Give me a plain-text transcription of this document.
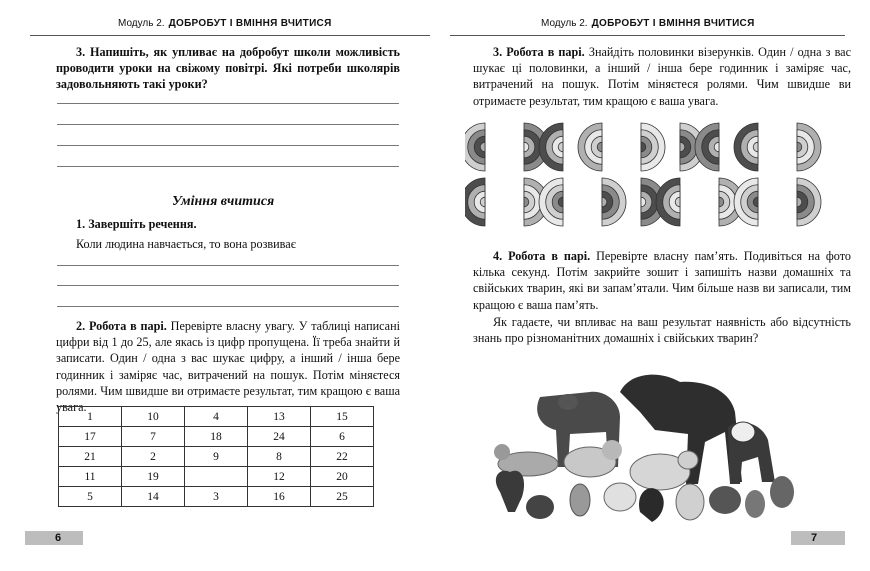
Модуль 2. ДОБРОБУТ І ВМІННЯ ВЧИТИСЯ
3. Напишіть, як упливає на добробут школи можливість проводити уроки на свіжому повітрі. Які потреби школярів задовольняють такі уроки?
Уміння вчитися
1. Завершіть речення.
Коли людина навчається, то вона розвиває
2. Робота в парі. Перевірте власну увагу. У таблиці написані цифри від 1 до 25, але якась із цифр пропущена. Її треба знайти й записати. Один / одна з вас шукає цифру, а інший / інша бере годинник і заміряє час, витрачений на пошук. Потім міняєтеся ролями. Чим швидше ви отримаєте результат, тим кращою є ваша увага.
1	10	4	13	15
17	7	18	24	6
21	2	9	8	22
11	19		12	20
5	14	3	16	25
6
Модуль 2. ДОБРОБУТ І ВМІННЯ ВЧИТИСЯ
3. Робота в парі. Знайдіть половинки візерунків. Один / одна з вас шукає ці половинки, а інший / інша бере годинник і заміряє час, витрачений на пошук. Потім міняєтеся ролями. Чим швидше ви отримаєте результат, тим кращою є ваша увага.
4. Робота в парі. Перевірте власну пам’ять. Подивіться на фото кілька секунд. Потім закрийте зошит і запишіть назви домашніх та свійських тварин, які ви запам’ятали. Чим більше назв ви записали, тим кращою є ваша пам’ять.
Як гадаєте, чи впливає на ваш результат наявність або відсутність знань про різноманітних домашніх і свійських тварин?
7
